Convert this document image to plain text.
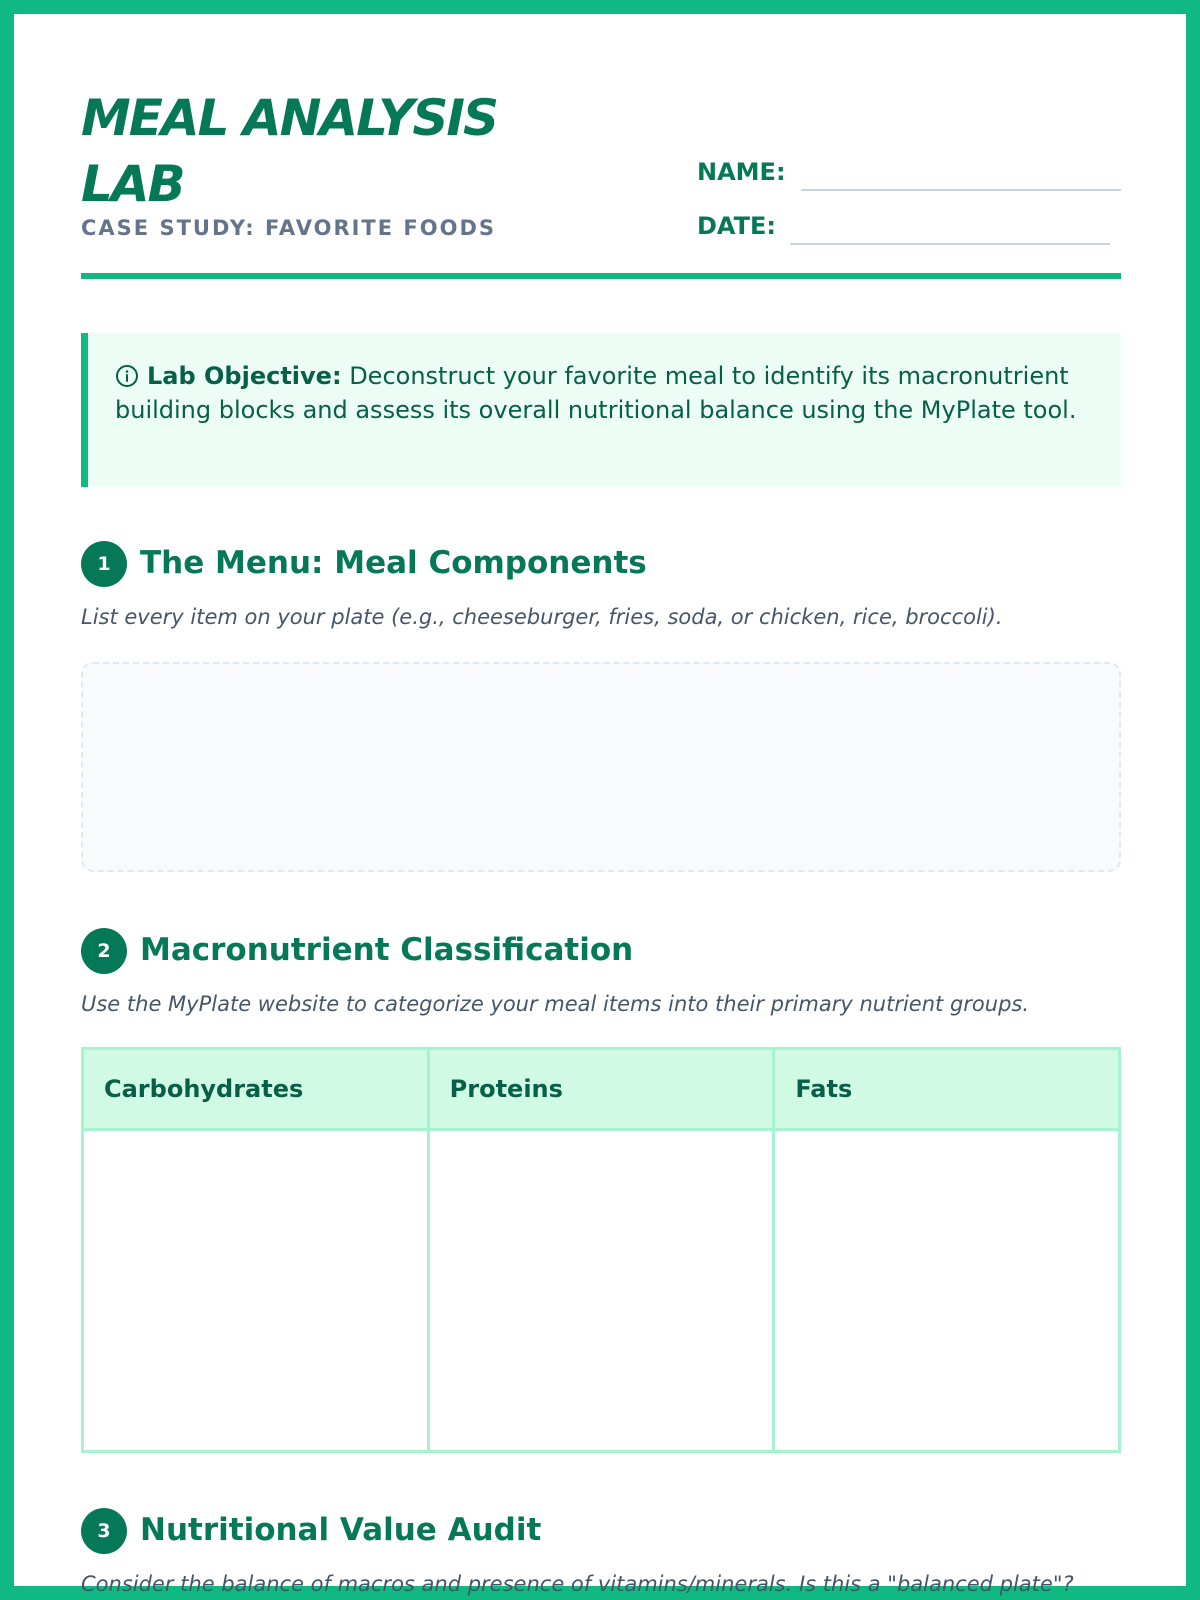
MEAL ANALYSIS LAB
CASE STUDY: FAVORITE FOODS
NAME:
DATE:
Lab Objective: Deconstruct your favorite meal to identify its macronutrient building blocks and assess its overall nutritional balance using the MyPlate tool.
1 The Menu: Meal Components
List every item on your plate (e.g., cheeseburger, fries, soda, or chicken, rice, broccoli).
2 Macronutrient Classification
Use the MyPlate website to categorize your meal items into their primary nutrient groups.
Carbohydrates	Proteins	Fats

3 Nutritional Value Audit
Consider the balance of macros and presence of vitamins/minerals. Is this a "balanced plate"?
